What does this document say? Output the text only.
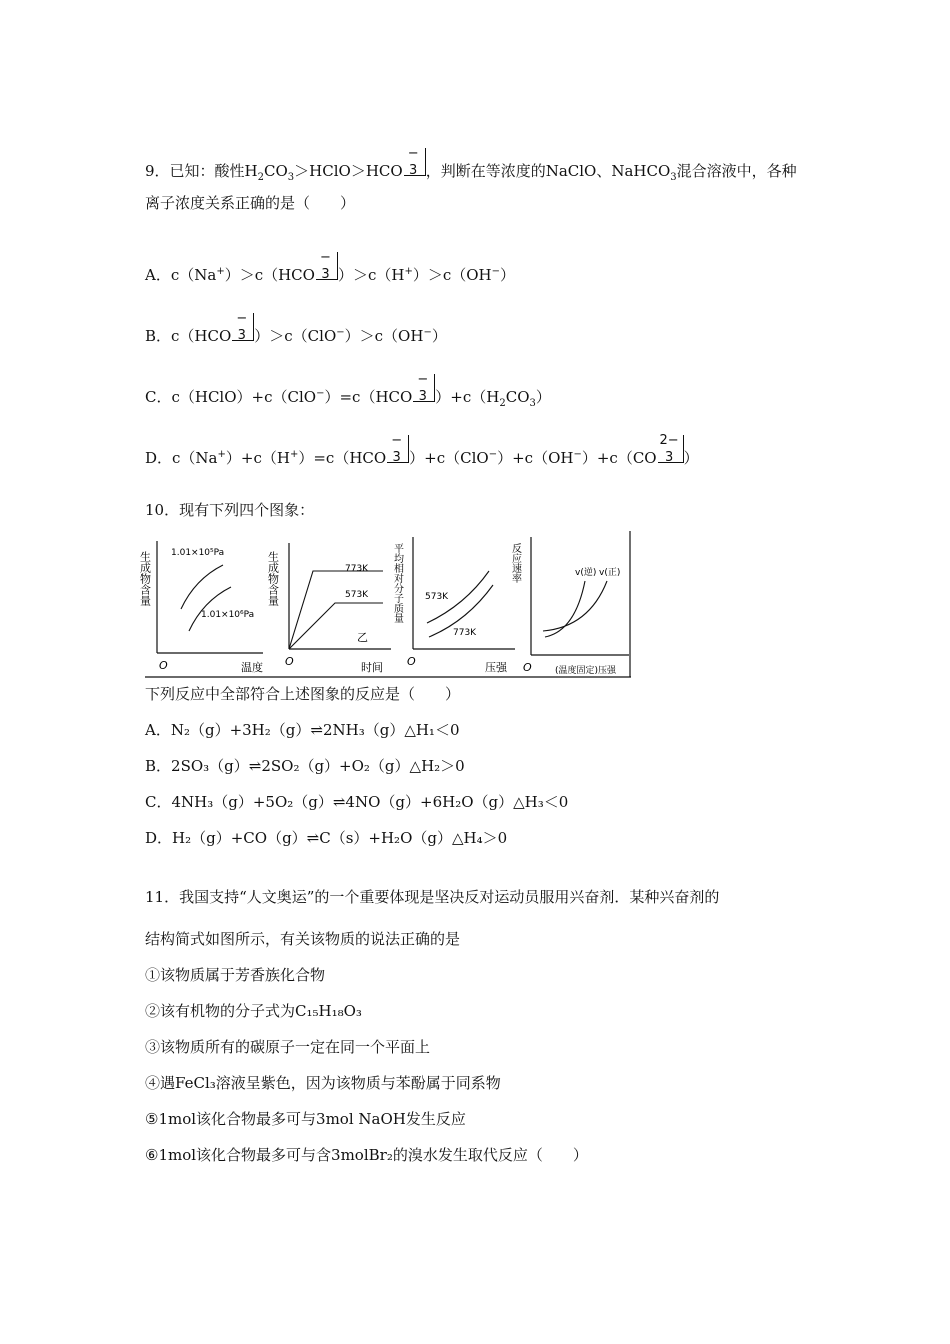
9．已知：酸性$H_2CO_3>HClO>HCO$
−
3 ，判断在等浓度的NaClO、NaHCO$_3$混合溶液中，各种
离子浓度关系正确的是（　　）
A．c（Na+）＞c（HCO
−
3 ）＞c（H+）＞c（OH−）
B．c（HCO
−
3 ）＞c（ClO−）＞c（OH−）
C．c（HClO）+c（ClO−）=c（HCO
−
3 ）$+c(H_2CO_3)$
D．c（Na+）+c（H+）=c（HCO
−
3 ）+c（ClO−）+c（OH−）+c（CO
2−
3 ）
10．现有下列四个图象：
生成物含量
O	温度
1.01×10⁵Pa
1.01×10⁶Pa
生成物含量
O	时间
773K
573K
乙
平均相对分子质量
O	压强
573K
773K
反应速率
O	(温度固定)压强
v(逆) v(正)
下列反应中全部符合上述图象的反应是（　　）
A．N₂（g）+3H₂（g）⇌2NH₃（g）△H₁＜0
B．2SO₃（g）⇌2SO₂（g）+O₂（g）△H₂＞0
C．4NH₃（g）+5O₂（g）⇌4NO（g）+6H₂O（g）△H₃＜0
D．H₂（g）+CO（g）⇌C（s）+H₂O（g）△H₄＞0
11．我国支持“人文奥运”的一个重要体现是坚决反对运动员服用兴奋剂．某种兴奋剂的
结构简式如图所示，有关该物质的说法正确的是
①该物质属于芳香族化合物
②该有机物的分子式为C₁₅H₁₈O₃
③该物质所有的碳原子一定在同一个平面上
④遇FeCl₃溶液呈紫色，因为该物质与苯酚属于同系物
⑤1mol该化合物最多可与3mol NaOH发生反应
⑥1mol该化合物最多可与含3molBr₂的溴水发生取代反应（　　）
